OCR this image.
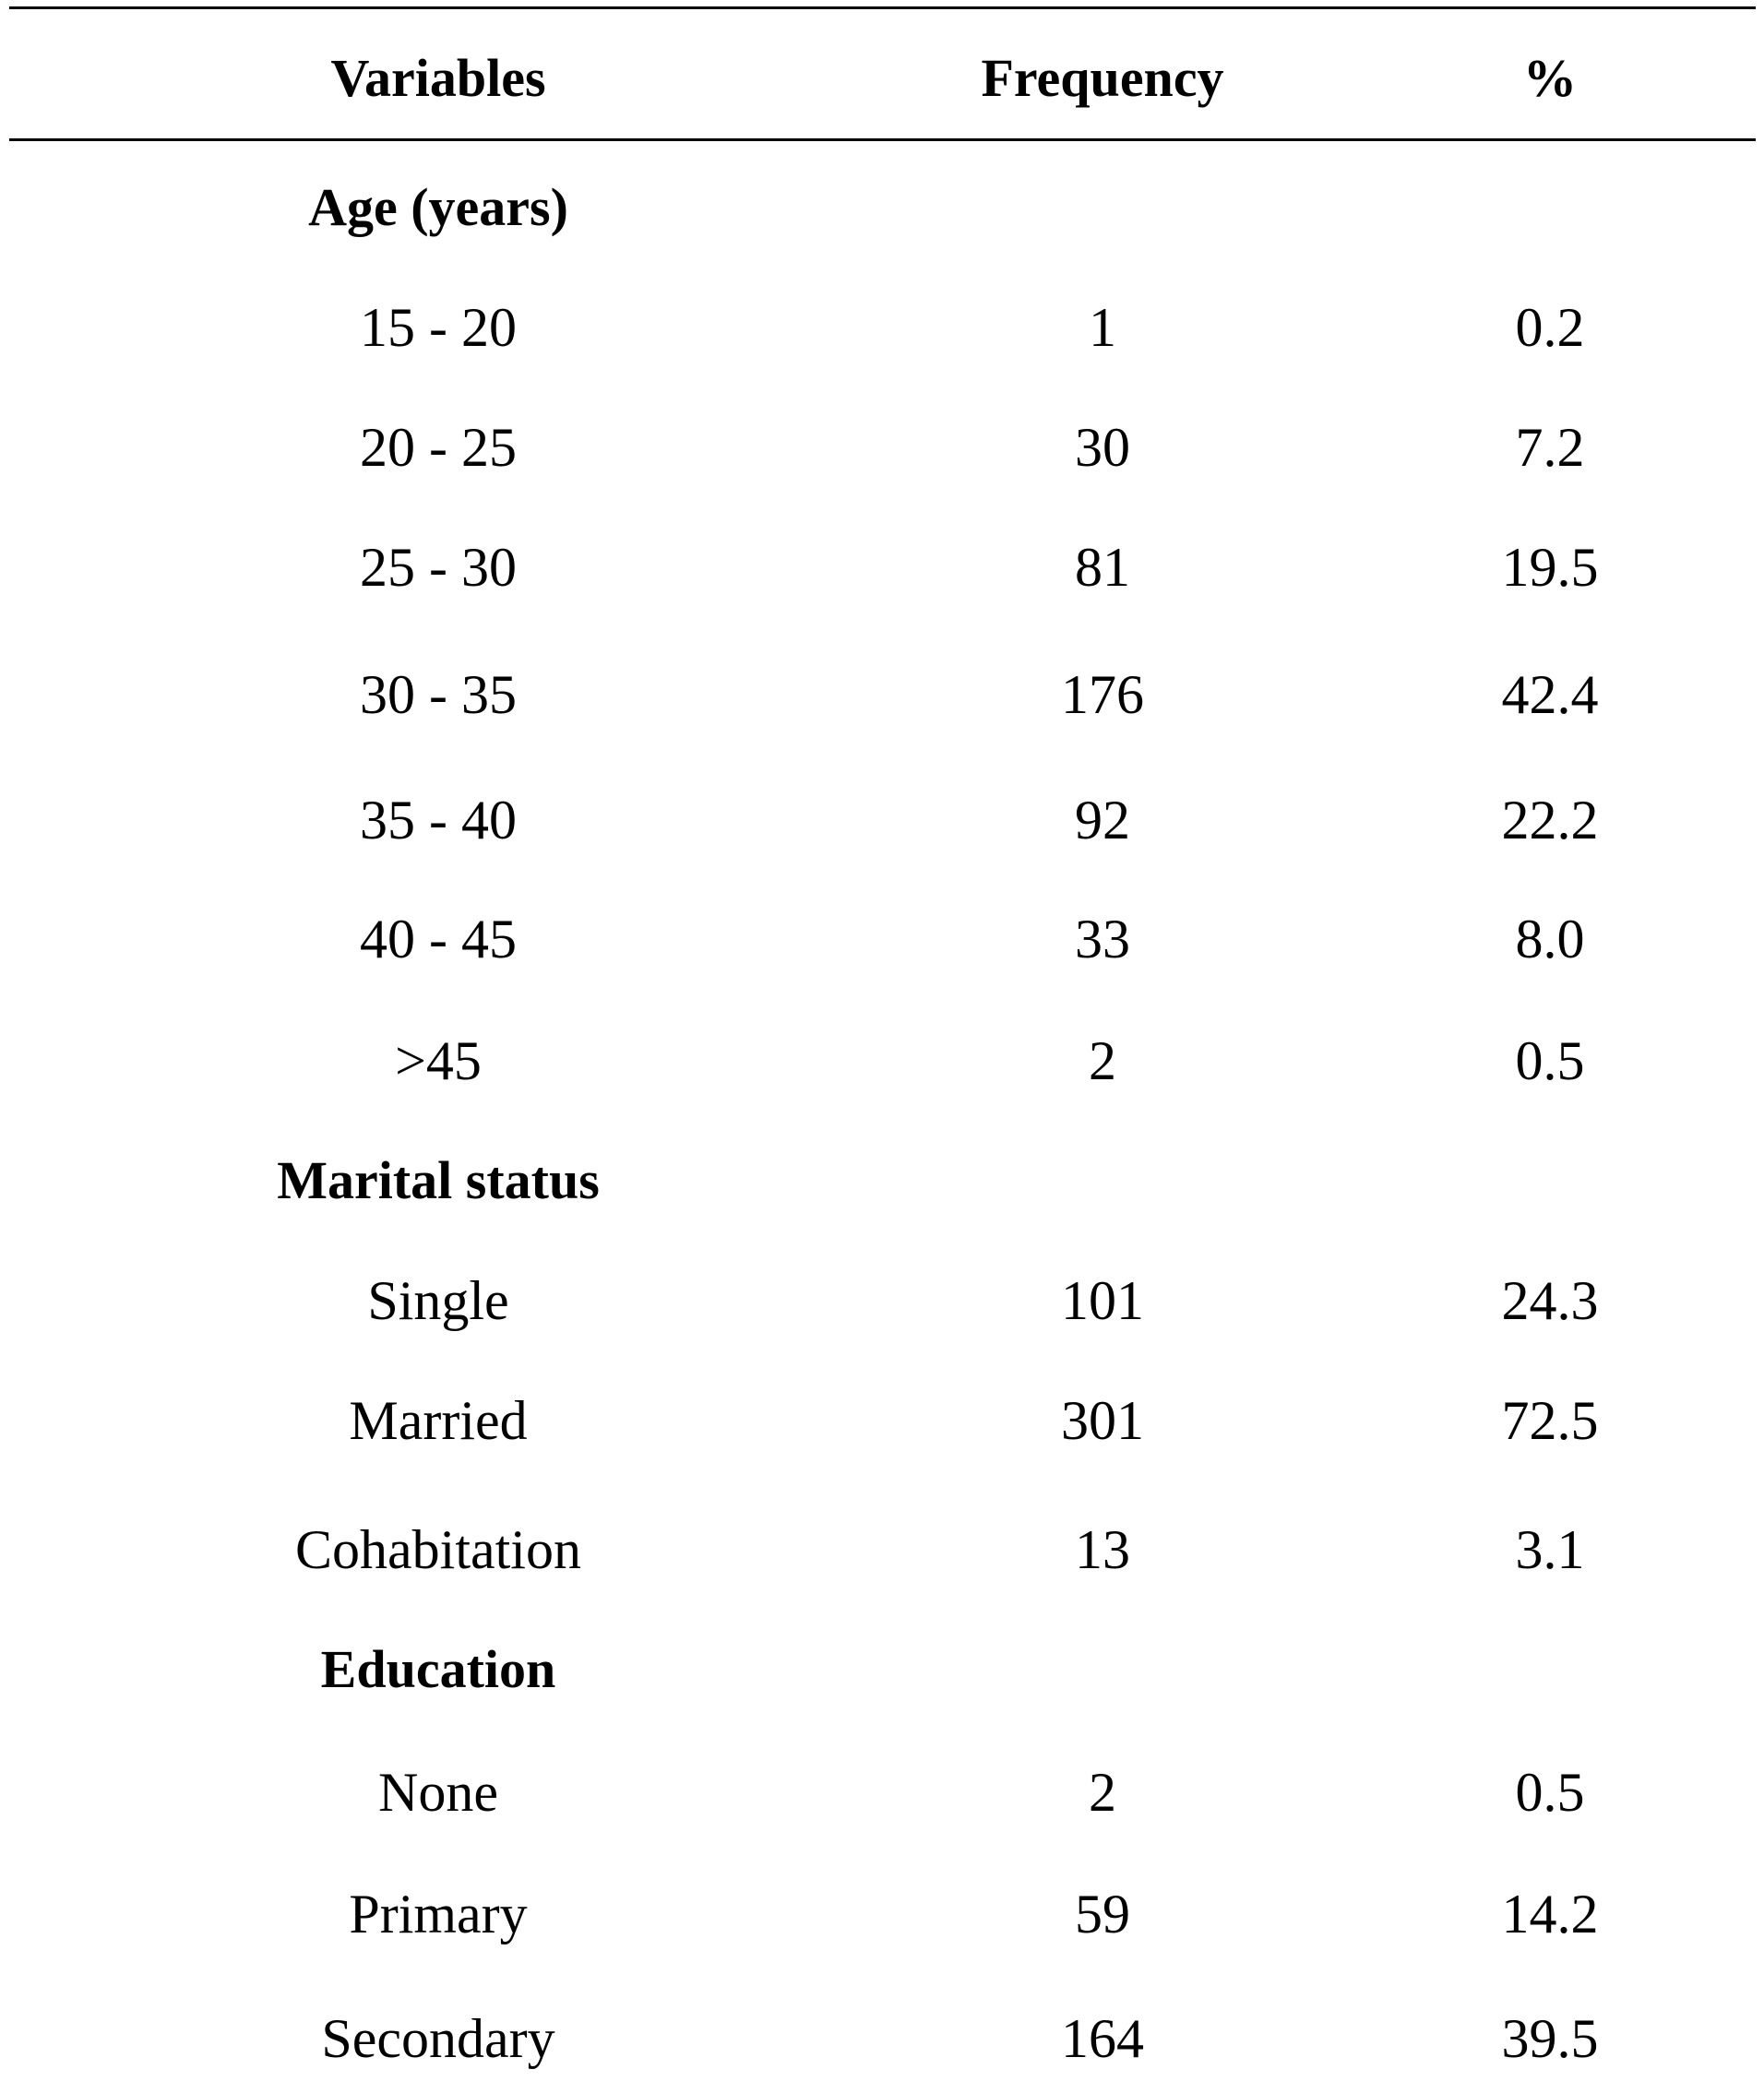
Variables	Frequency	%
Age (years)
15 - 20	1	0.2
20 - 25	30	7.2
25 - 30	81	19.5
30 - 35	176	42.4
35 - 40	92	22.2
40 - 45	33	8.0
>45	2	0.5
Marital status
Single	101	24.3
Married	301	72.5
Cohabitation	13	3.1
Education
None	2	0.5
Primary	59	14.2
Secondary	164	39.5
